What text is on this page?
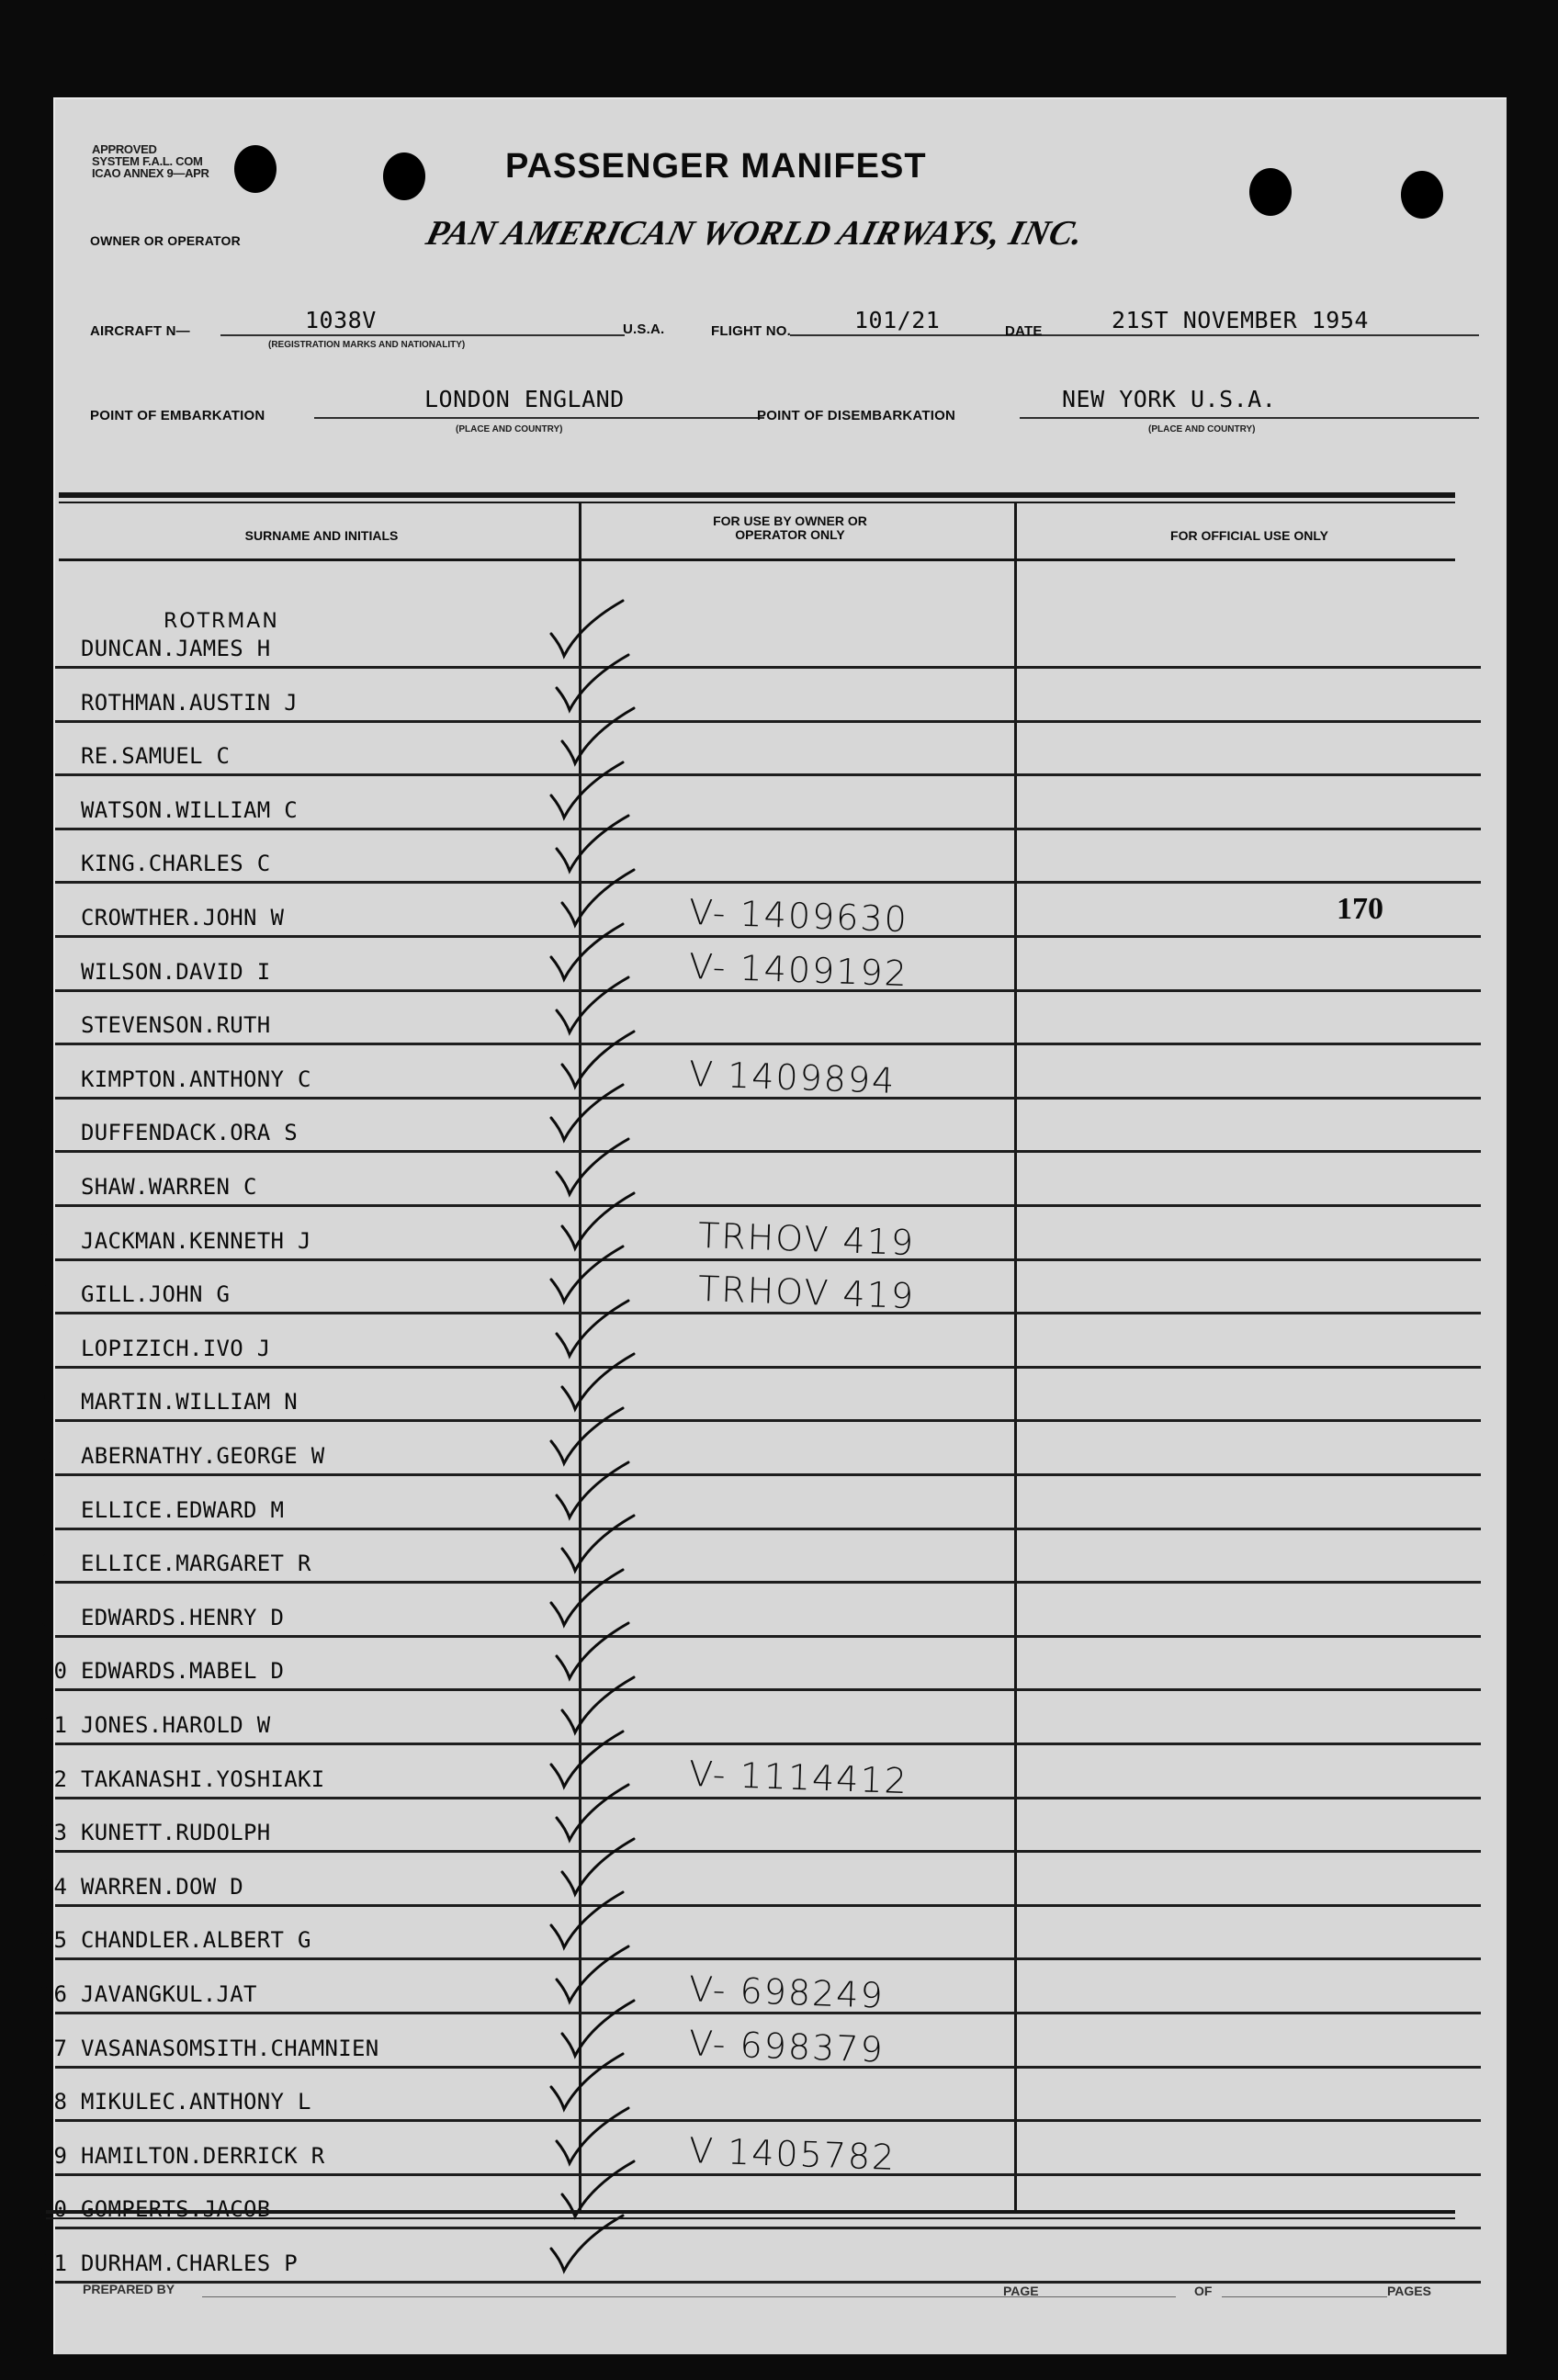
APPROVED
SYSTEM F.A.L. COM
ICAO ANNEX 9—APR	PASSENGER MANIFEST
OWNER OR OPERATOR	PAN AMERICAN WORLD AIRWAYS, INC.
AIRCRAFT N—	1038V
(REGISTRATION MARKS AND NATIONALITY)
U.S.A.	FLIGHT NO.	101/21	DATE	21ST NOVEMBER 1954
POINT OF EMBARKATION
LONDON ENGLAND
(PLACE AND COUNTRY)
POINT OF DISEMBARKATION
NEW YORK U.S.A.
(PLACE AND COUNTRY)
SURNAME AND INITIALS
FOR USE BY OWNER OR OPERATOR ONLY	FOR OFFICIAL USE ONLY
ROTRMAN
DUNCAN.JAMES H
ROTHMAN.AUSTIN J
RE.SAMUEL C
WATSON.WILLIAM C
KING.CHARLES C
CROWTHER.JOHN W	V- 1409630	170
WILSON.DAVID I	V- 1409192
STEVENSON.RUTH
KIMPTON.ANTHONY C	V 1409894
0 DUFFENDACK.ORA S
1 SHAW.WARREN C
2 JACKMAN.KENNETH J	TRHOV 419
3 GILL.JOHN G	TRHOV 419
4 LOPIZICH.IVO J
5 MARTIN.WILLIAM N
6 ABERNATHY.GEORGE W
7 ELLICE.EDWARD M
8 ELLICE.MARGARET R
9 EDWARDS.HENRY D
20 EDWARDS.MABEL D
21 JONES.HAROLD W
22 TAKANASHI.YOSHIAKI	V- 1114412
23 KUNETT.RUDOLPH
24 WARREN.DOW D
25 CHANDLER.ALBERT G
26 JAVANGKUL.JAT	V- 698249
27 VASANASOMSITH.CHAMNIEN	V- 698379
28 MIKULEC.ANTHONY L
29 HAMILTON.DERRICK R	V 1405782
30 GOMPERTS.JACOB
31 DURHAM.CHARLES P
PREPARED BY	PAGE	OF	PAGES
